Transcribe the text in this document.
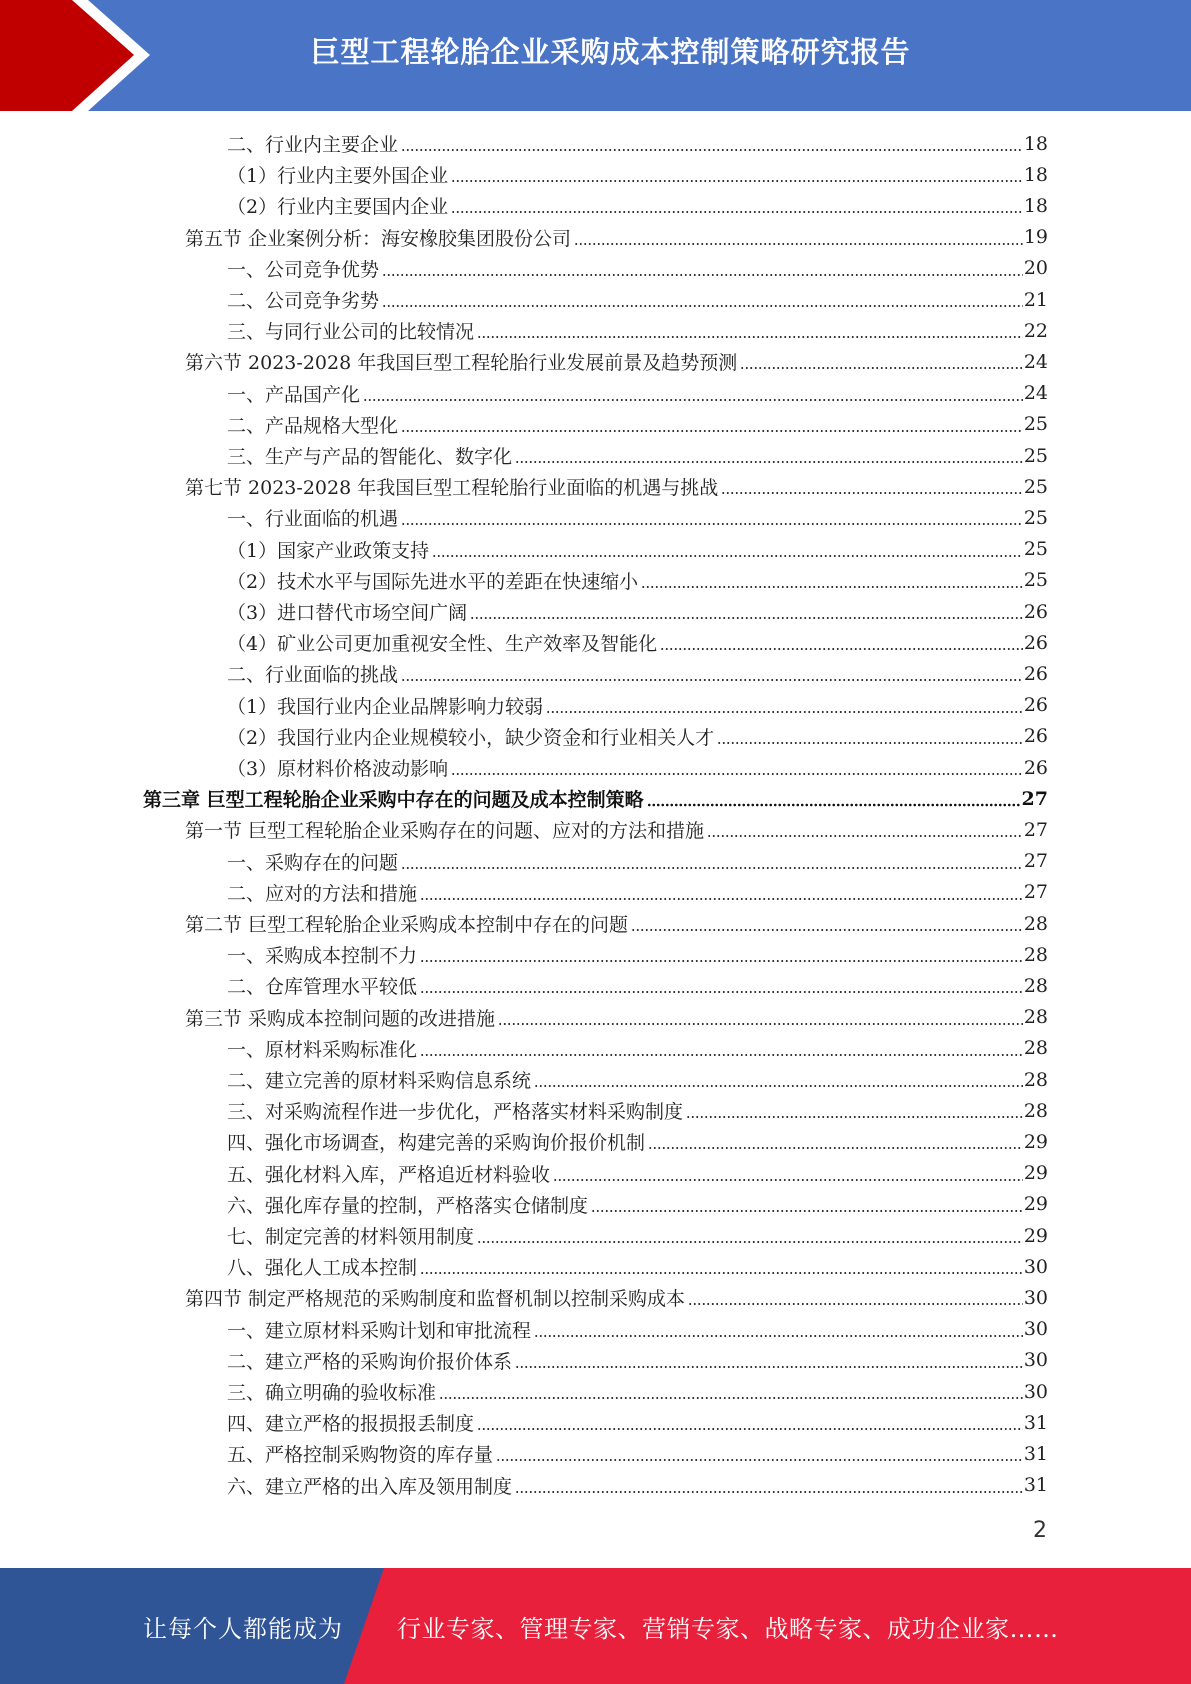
巨型工程轮胎企业采购成本控制策略研究报告
二、行业内主要企业	18
（1）行业内主要外国企业	18
（2）行业内主要国内企业	18
第五节 企业案例分析：海安橡胶集团股份公司	19
一、公司竞争优势	20
二、公司竞争劣势	21
三、与同行业公司的比较情况	22
第六节 2023-2028 年我国巨型工程轮胎行业发展前景及趋势预测	24
一、产品国产化	24
二、产品规格大型化	25
三、生产与产品的智能化、数字化	25
第七节 2023-2028 年我国巨型工程轮胎行业面临的机遇与挑战	25
一、行业面临的机遇	25
（1）国家产业政策支持	25
（2）技术水平与国际先进水平的差距在快速缩小	25
（3）进口替代市场空间广阔	26
（4）矿业公司更加重视安全性、生产效率及智能化	26
二、行业面临的挑战	26
（1）我国行业内企业品牌影响力较弱	26
（2）我国行业内企业规模较小，缺少资金和行业相关人才	26
（3）原材料价格波动影响	26
第三章 巨型工程轮胎企业采购中存在的问题及成本控制策略	27
第一节 巨型工程轮胎企业采购存在的问题、应对的方法和措施	27
一、采购存在的问题	27
二、应对的方法和措施	27
第二节 巨型工程轮胎企业采购成本控制中存在的问题	28
一、采购成本控制不力	28
二、仓库管理水平较低	28
第三节 采购成本控制问题的改进措施	28
一、原材料采购标准化	28
二、建立完善的原材料采购信息系统	28
三、对采购流程作进一步优化，严格落实材料采购制度	28
四、强化市场调查，构建完善的采购询价报价机制	29
五、强化材料入库，严格追近材料验收	29
六、强化库存量的控制，严格落实仓储制度	29
七、制定完善的材料领用制度	29
八、强化人工成本控制	30
第四节 制定严格规范的采购制度和监督机制以控制采购成本	30
一、建立原材料采购计划和审批流程	30
二、建立严格的采购询价报价体系	30
三、确立明确的验收标准	30
四、建立严格的报损报丢制度	31
五、严格控制采购物资的库存量	31
六、建立严格的出入库及领用制度	31
2
让每个人都能成为 行业专家、管理专家、营销专家、战略专家、成功企业家……
